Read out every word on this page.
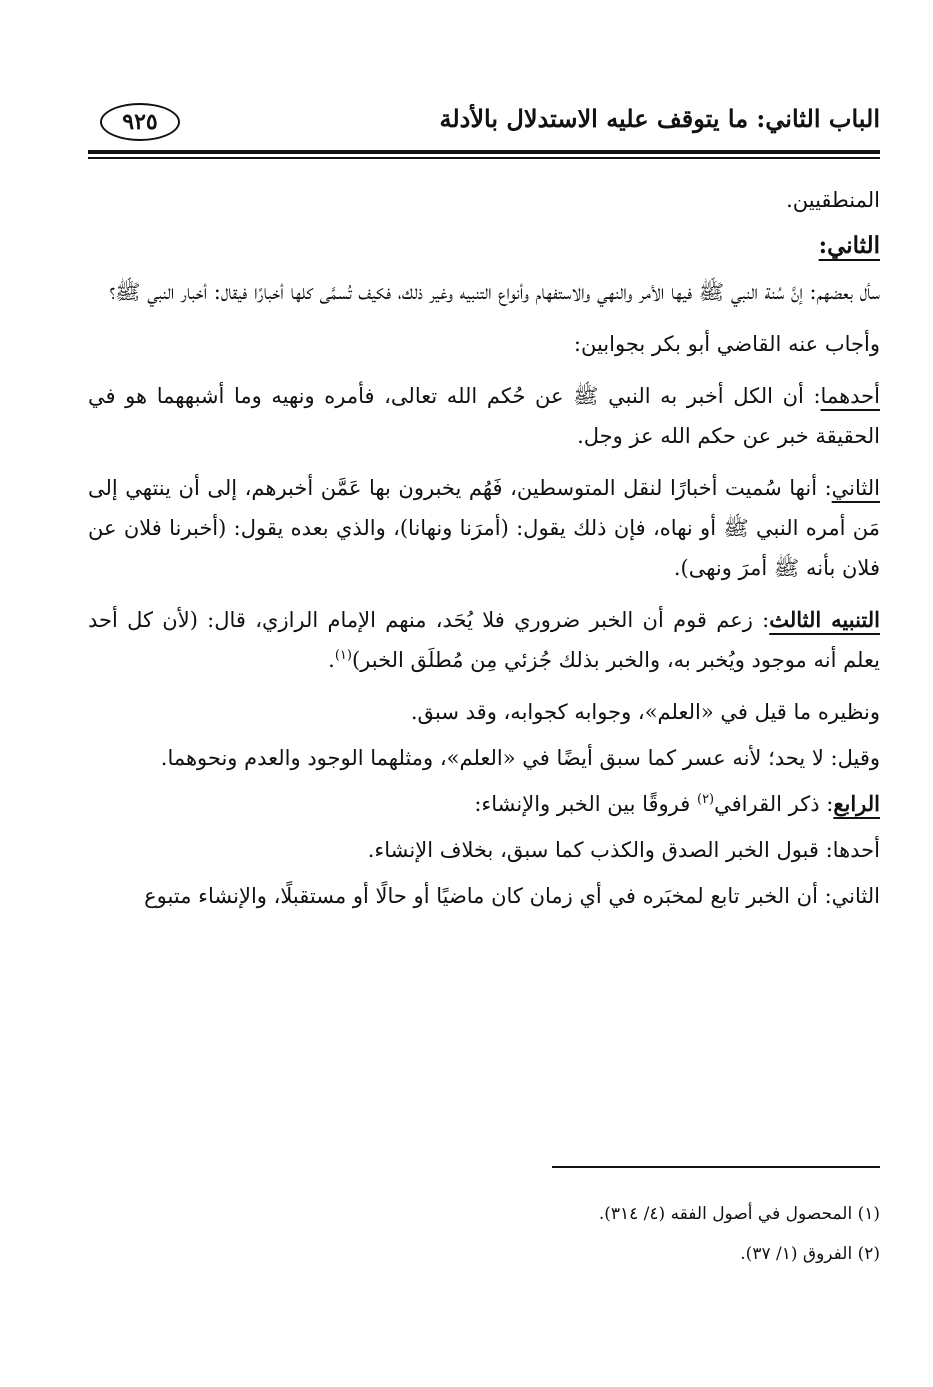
الباب الثاني: ما يتوقف عليه الاستدلال بالأدلة
٩٢٥

المنطقيين.

الثاني:

سأل بعضهم: إنَّ سُنة النبي ﷺ فيها الأمر والنهي والاستفهام وأنواع التنبيه وغير ذلك، فكيف تُسمَّى كلها أخبارًا فيقال: أخبار النبي ﷺ؟

وأجاب عنه القاضي أبو بكر بجوابين:

أحدهما: أن الكل أخبر به النبي ﷺ عن حُكم الله تعالى، فأمره ونهيه وما أشبههما هو في الحقيقة خبر عن حكم الله عز وجل.

الثاني: أنها سُميت أخبارًا لنقل المتوسطين، فَهُم يخبرون بها عَمَّن أخبرهم، إلى أن ينتهي إلى مَن أمره النبي ﷺ أو نهاه، فإن ذلك يقول: (أمرَنا ونهانا)، والذي بعده يقول: (أخبرنا فلان عن فلان بأنه ﷺ أمرَ ونهى).

التنبيه الثالث: زعم قوم أن الخبر ضروري فلا يُحَد، منهم الإمام الرازي، قال: (لأن كل أحد يعلم أنه موجود ويُخبر به، والخبر بذلك جُزئي مِن مُطلَق الخبر)$^{(١)}$.

ونظيره ما قيل في «العلم»، وجوابه كجوابه، وقد سبق.

وقيل: لا يحد؛ لأنه عسر كما سبق أيضًا في «العلم»، ومثلهما الوجود والعدم ونحوهما.

الرابع: ذكر القرافي$^{(٢)}$ فروقًا بين الخبر والإنشاء:

أحدها: قبول الخبر الصدق والكذب كما سبق، بخلاف الإنشاء.

الثاني: أن الخبر تابع لمخبَره في أي زمان كان ماضيًا أو حالًا أو مستقبلًا، والإنشاء متبوع

(١) المحصول في أصول الفقه (٤/ ٣١٤).

(٢) الفروق (١/ ٣٧).
